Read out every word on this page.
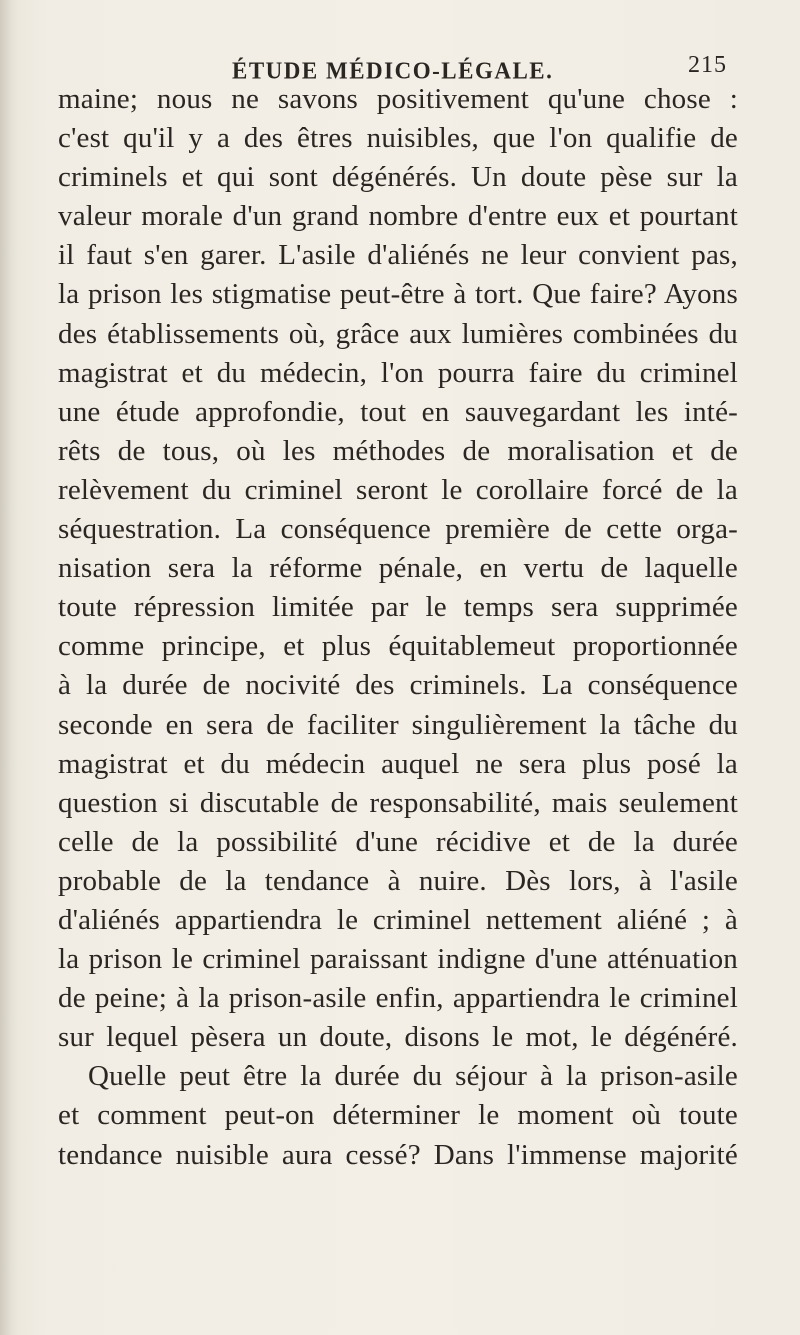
ÉTUDE MÉDICO-LÉGALE.	215
maine; nous ne savons positivement qu'une chose :
c'est qu'il y a des êtres nuisibles, que l'on qualifie de
criminels et qui sont dégénérés. Un doute pèse sur la
valeur morale d'un grand nombre d'entre eux et pourtant
il faut s'en garer. L'asile d'aliénés ne leur convient pas,
la prison les stigmatise peut-être à tort. Que faire? Ayons
des établissements où, grâce aux lumières combinées du
magistrat et du médecin, l'on pourra faire du criminel
une étude approfondie, tout en sauvegardant les inté-
rêts de tous, où les méthodes de moralisation et de
relèvement du criminel seront le corollaire forcé de la
séquestration. La conséquence première de cette orga-
nisation sera la réforme pénale, en vertu de laquelle
toute répression limitée par le temps sera supprimée
comme principe, et plus équitablemeut proportionnée
à la durée de nocivité des criminels. La conséquence
seconde en sera de faciliter singulièrement la tâche du
magistrat et du médecin auquel ne sera plus posé la
question si discutable de responsabilité, mais seulement
celle de la possibilité d'une récidive et de la durée
probable de la tendance à nuire. Dès lors, à l'asile
d'aliénés appartiendra le criminel nettement aliéné ; à
la prison le criminel paraissant indigne d'une atténuation
de peine; à la prison-asile enfin, appartiendra le criminel
sur lequel pèsera un doute, disons le mot, le dégénéré.
Quelle peut être la durée du séjour à la prison-asile
et comment peut-on déterminer le moment où toute
tendance nuisible aura cessé? Dans l'immense majorité
